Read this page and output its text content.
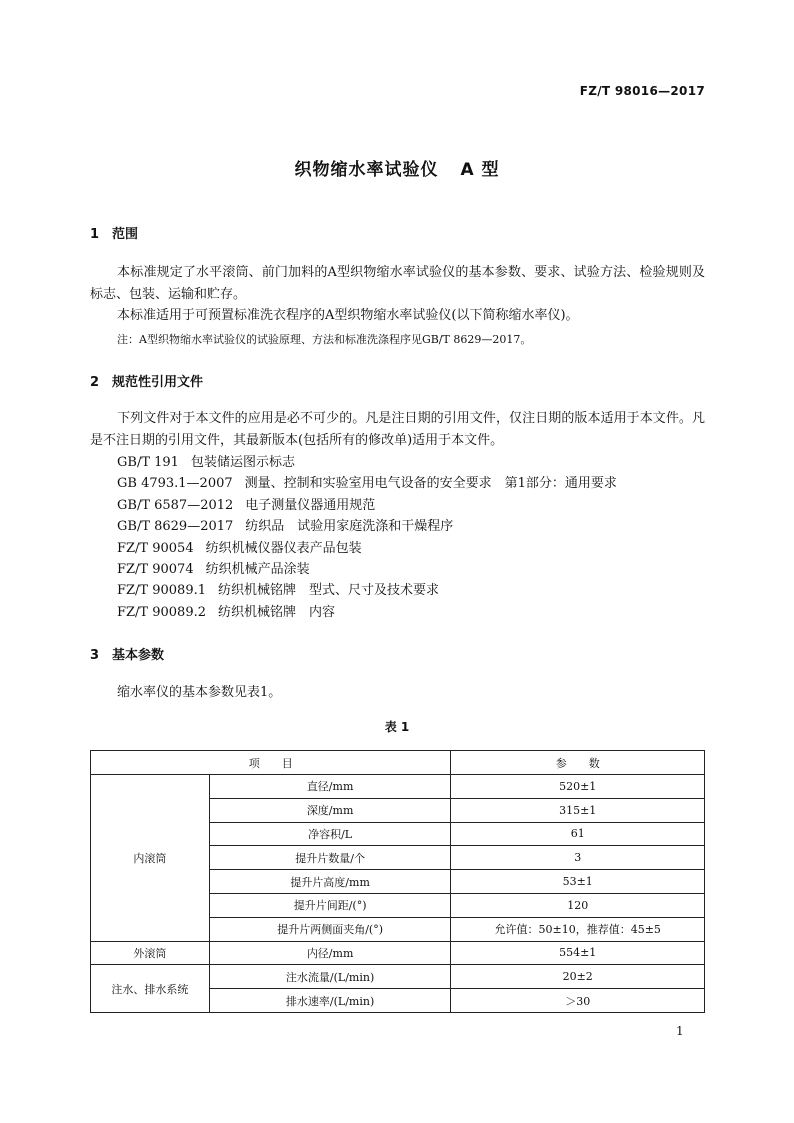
FZ/T 98016—2017
织物缩水率试验仪 A 型
1 范围
本标准规定了水平滚筒、前门加料的A型织物缩水率试验仪的基本参数、要求、试验方法、检验规则及标志、包装、运输和贮存。
本标准适用于可预置标准洗衣程序的A型织物缩水率试验仪(以下简称缩水率仪)。
注：A型织物缩水率试验仪的试验原理、方法和标准洗涤程序见GB/T 8629—2017。
2 规范性引用文件
下列文件对于本文件的应用是必不可少的。凡是注日期的引用文件，仅注日期的版本适用于本文件。凡是不注日期的引用文件，其最新版本(包括所有的修改单)适用于本文件。
GB/T 191 包装储运图示标志
GB 4793.1—2007 测量、控制和实验室用电气设备的安全要求　第1部分：通用要求
GB/T 6587—2012 电子测量仪器通用规范
GB/T 8629—2017 纺织品　试验用家庭洗涤和干燥程序
FZ/T 90054 纺织机械仪器仪表产品包装
FZ/T 90074 纺织机械产品涂装
FZ/T 90089.1 纺织机械铭牌　型式、尺寸及技术要求
FZ/T 90089.2 纺织机械铭牌　内容
3 基本参数
缩水率仪的基本参数见表1。
表 1
项　　目		参　　数
内滚筒	直径/mm	520±1
	深度/mm	315±1
	净容积/L	61
	提升片数量/个	3
	提升片高度/mm	53±1
	提升片间距/(°)	120
	提升片两侧面夹角/(°)	允许值：50±10，推荐值：45±5
外滚筒	内径/mm	554±1
注水、排水系统	注水流量/(L/min)	20±2
	排水速率/(L/min)	＞30
1
